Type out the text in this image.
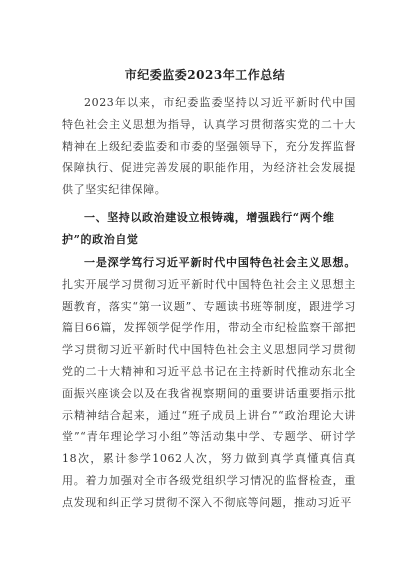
市纪委监委2023年工作总结

2023年以来，市纪委监委坚持以习近平新时代中国特色社会主义思想为指导，认真学习贯彻落实党的二十大精神在上级纪委监委和市委的坚强领导下，充分发挥监督保障执行、促进完善发展的职能作用，为经济社会发展提供了坚实纪律保障。

一、坚持以政治建设立根铸魂，增强践行“两个维护”的政治自觉

一是深学笃行习近平新时代中国特色社会主义思想。扎实开展学习贯彻习近平新时代中国特色社会主义思想主题教育，落实“第一议题”、专题读书班等制度，跟进学习篇目66篇，发挥领学促学作用，带动全市纪检监察干部把学习贯彻习近平新时代中国特色社会主义思想同学习贯彻党的二十大精神和习近平总书记在主持新时代推动东北全面振兴座谈会以及在我省视察期间的重要讲话重要指示批示精神结合起来，通过“班子成员上讲台”“政治理论大讲堂”“青年理论学习小组”等活动集中学、专题学、研讨学18次，累计参学1062人次，努力做到真学真懂真信真用。着力加强对全市各级党组织学习情况的监督检查，重点发现和纠正学习贯彻不深入不彻底等问题，推动习近平
